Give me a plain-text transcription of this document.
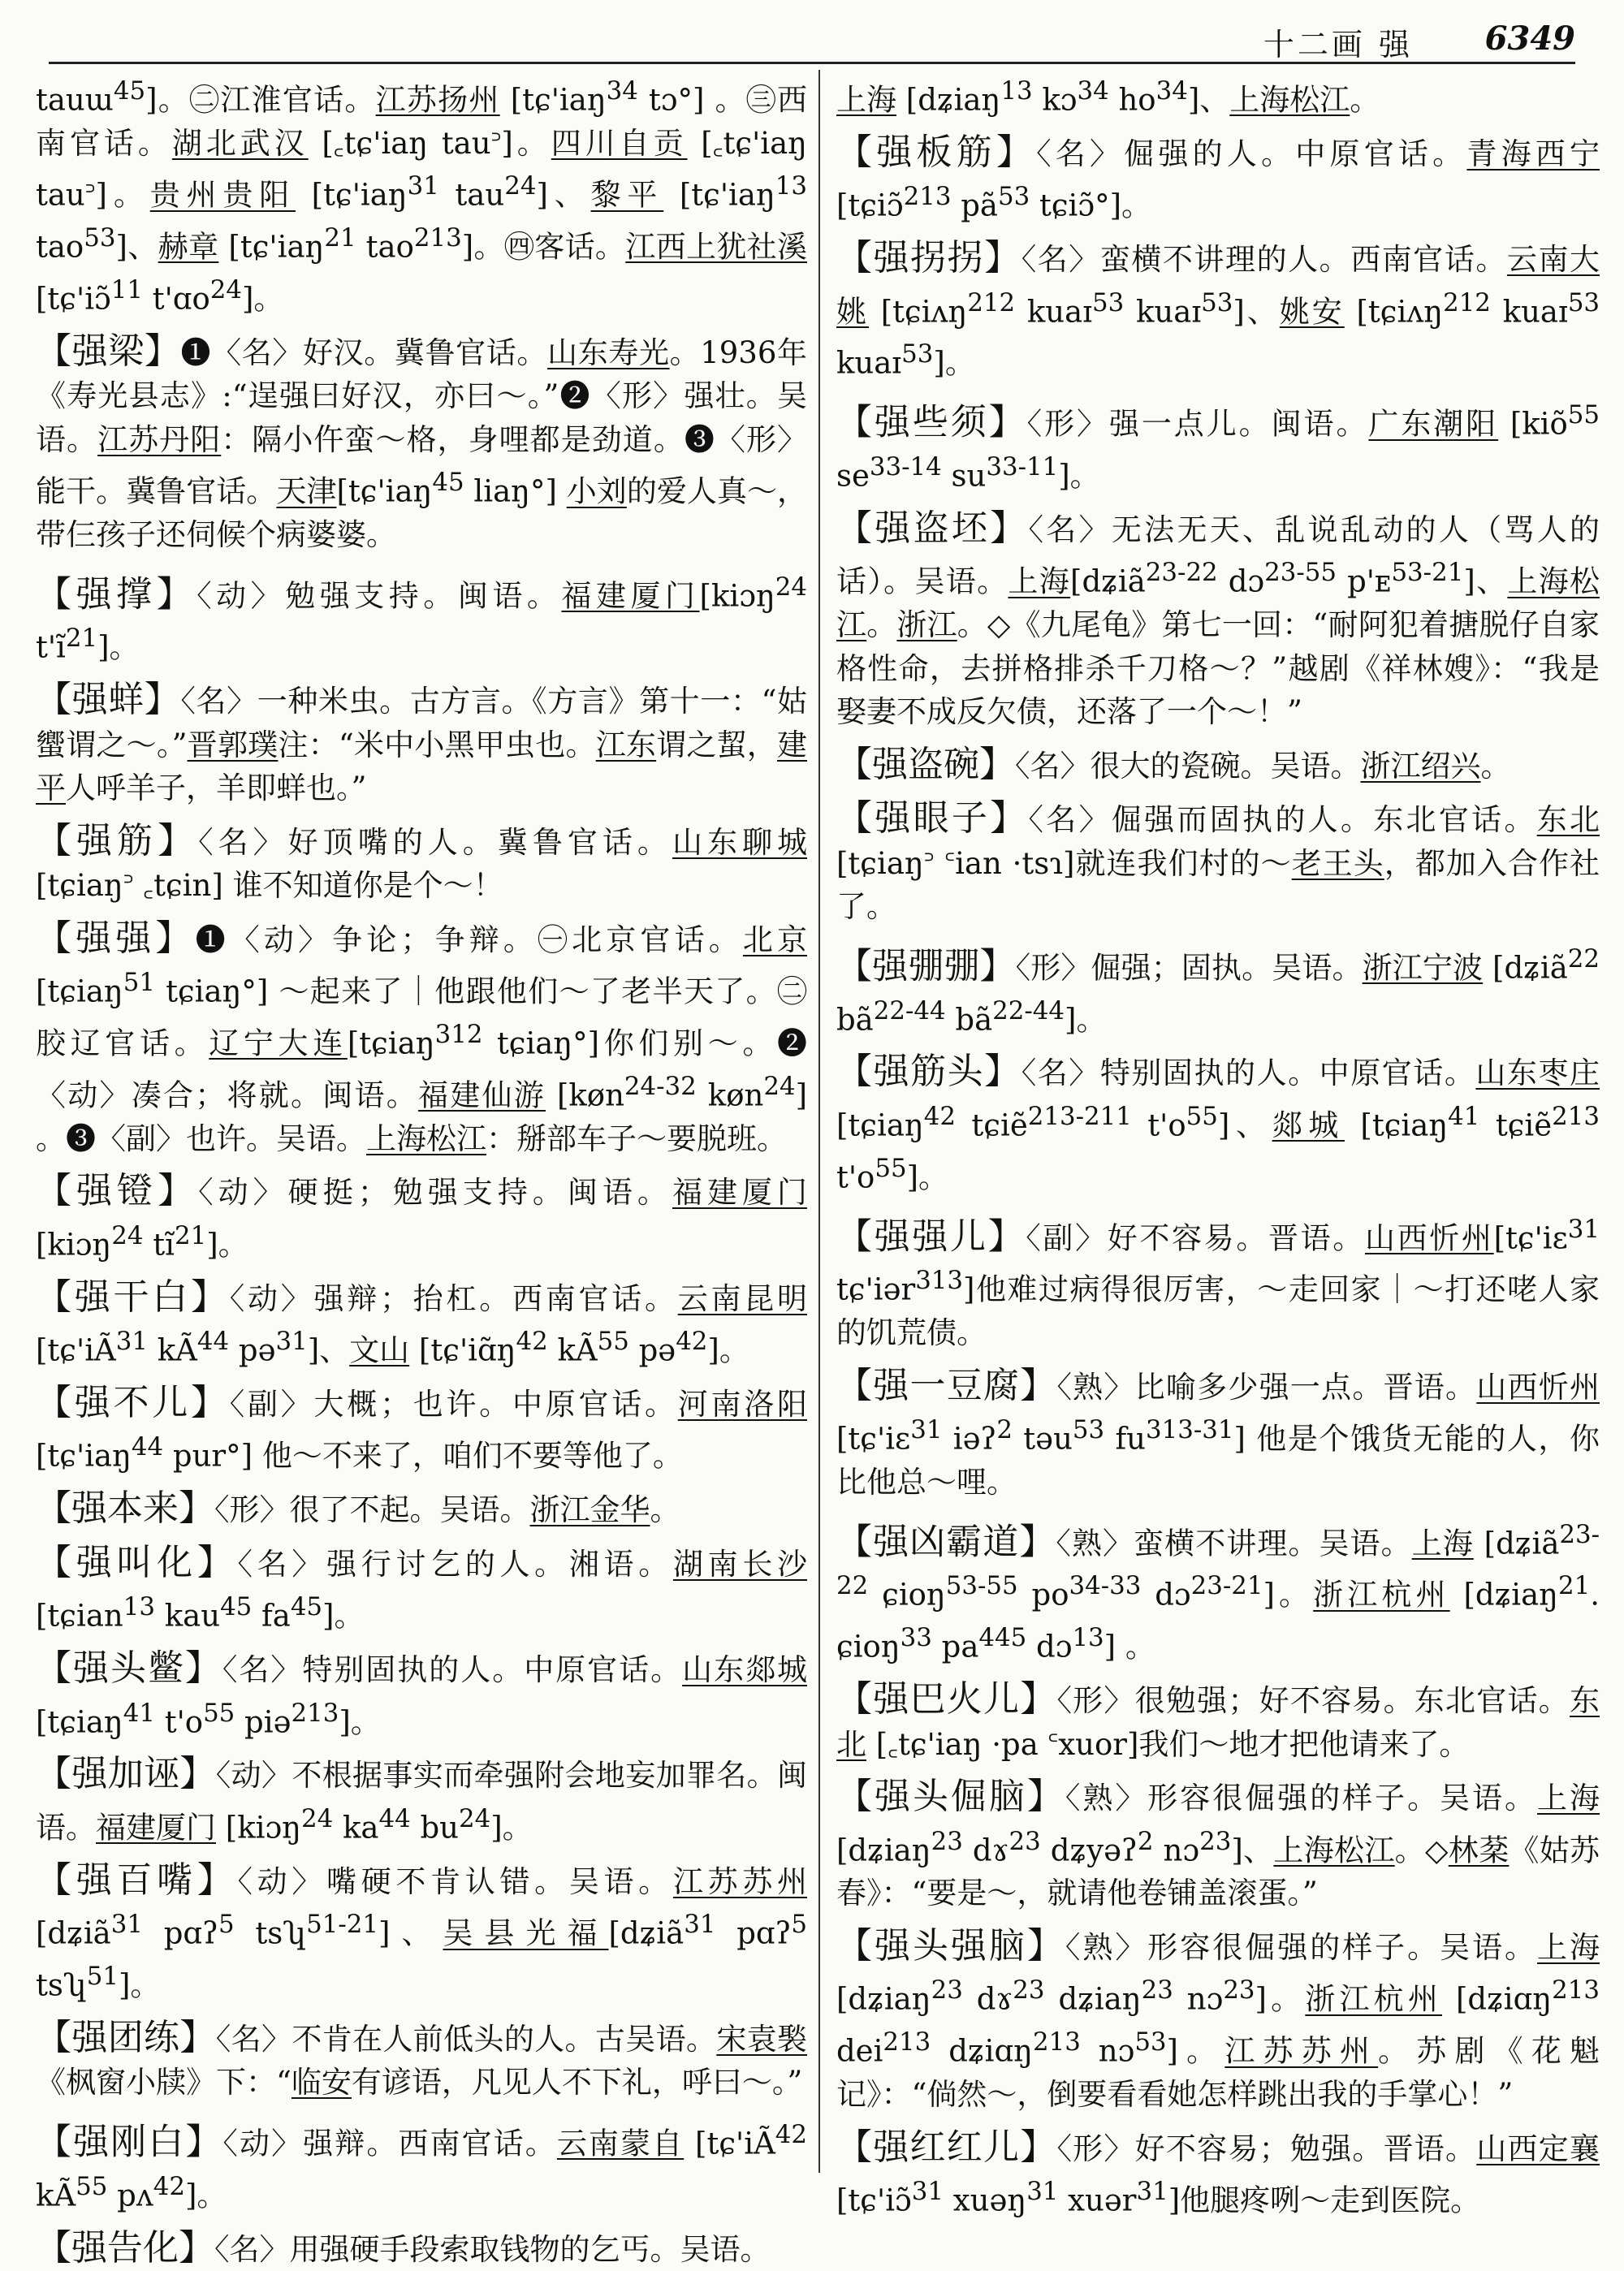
十二画 强 6349

tauɯ$^{45}$]。㊁江淮官话。江苏扬州 [tɕ'iaŋ$^{34}$ tɔ°] 。㊂西南官话。湖北武汉 [꜀tɕ'iaŋ tau꜄]。四川自贡 [꜀tɕ'iaŋ tau꜄]。贵州贵阳 [tɕ'iaŋ$^{31}$ tau$^{24}$]、黎平 [tɕ'iaŋ$^{13}$ tao$^{53}$]、赫章 [tɕ'iaŋ$^{21}$ tao$^{213}$]。㊃客话。江西上犹社溪[tɕ'iɔ̃$^{11}$ t'ɑo$^{24}$]。

【强梁】❶〈名〉好汉。冀鲁官话。山东寿光。1936年《寿光县志》:“逞强曰好汉，亦曰～。”❷〈形〉强壮。吴语。江苏丹阳：隔小仵蛮～格，身哩都是劲道。❸〈形〉能干。冀鲁官话。天津[tɕ'iaŋ$^{45}$ liaŋ°] 小刘的爱人真～，带仨孩子还伺候个病婆婆。

【强撑】〈动〉勉强支持。闽语。福建厦门[kiɔŋ$^{24}$ $t'ĩ^{21}$]。

【强蛘】〈名〉一种米虫。古方言。《方言》第十一：“姑蠁谓之～。”晋郭璞注：“米中小黑甲虫也。江东谓之蛪，建平人呼羊子，羊即蛘也。”

【强筋】〈名〉好顶嘴的人。冀鲁官话。山东聊城 [tɕiaŋ꜄ ꜀tɕin] 谁不知道你是个～！

【强强】❶〈动〉争论；争辩。㊀北京官话。北京 [tɕiaŋ$^{51}$ tɕiaŋ°] ～起来了｜他跟他们～了老半天了。㊁胶辽官话。辽宁大连[tɕiaŋ$^{312}$ tɕiaŋ°]你们别～。❷〈动〉凑合；将就。闽语。福建仙游 [køn$^{24-32}$ køn$^{24}$] 。❸〈副〉也许。吴语。上海松江：掰部车子～要脱班。

【强镫】〈动〉硬挺；勉强支持。闽语。福建厦门 [kiɔŋ$^{24}$ $tĩ^{21}$]。

【强干白】〈动〉强辩；抬杠。西南官话。云南昆明 [$tɕ'iÃ^{31}$ $kÃ^{44}$ pə$^{31}$]、文山 [$tɕ'iɑ̃ŋ^{42}$ $kÃ^{55}$ pə$^{42}$]。

【强不儿】〈副〉大概；也许。中原官话。河南洛阳 [tɕ'iaŋ$^{44}$ pur°] 他～不来了，咱们不要等他了。

【强本来】〈形〉很了不起。吴语。浙江金华。

【强叫化】〈名〉强行讨乞的人。湘语。湖南长沙[tɕian$^{13}$ kau$^{45}$ $fa^{45}$]。

【强头鳖】〈名〉特别固执的人。中原官话。山东郯城 [tɕiaŋ$^{41}$ $t'o^{55}$ piə$^{213}$]。

【强加诬】〈动〉不根据事实而牵强附会地妄加罪名。闽语。福建厦门 [kiɔŋ$^{24}$ $ka^{44}$ $bu^{24}$]。

【强百嘴】〈动〉嘴硬不肯认错。吴语。江苏苏州[dʑiã$^{31}$ pɑʔ$^5$ tsʮ$^{51-21}$]、吴县光福[dʑiã$^{31}$ pɑʔ$^5$ tsʮ$^{51}$]。

【强团练】〈名〉不肯在人前低头的人。古吴语。宋袁褧《枫窗小牍》下：“临安有谚语，凡见人不下礼，呼曰～。”

【强刚白】〈动〉强辩。西南官话。云南蒙自 [$tɕ'iÃ^{42}$ $kÃ^{55}$ pʌ$^{42}$]。

【强告化】〈名〉用强硬手段索取钱物的乞丐。吴语。

上海 [dʑiaŋ$^{13}$ kɔ$^{34}$ $ho^{34}$]、上海松江。

【强板筋】〈名〉倔强的人。中原官话。青海西宁[tɕiɔ̃$^{213}$ $pã^{53}$ tɕiɔ̃°]。

【强拐拐】〈名〉蛮横不讲理的人。西南官话。云南大姚 [tɕiʌŋ$^{212}$ kuaɪ$^{53}$ kuaɪ$^{53}$]、姚安 [tɕiʌŋ$^{212}$ kuaɪ$^{53}$ kuaɪ$^{53}$]。

【强些须】〈形〉强一点儿。闽语。广东潮阳 [kiõ$^{55}$ $se^{33-14}$ $su^{33-11}$]。

【强盗坯】〈名〉无法无天、乱说乱动的人（骂人的话）。吴语。上海[dʑiã$^{23-22}$ dɔ$^{23-55}$ p'ᴇ$^{53-21}$]、上海松江。浙江。◇《九尾龟》第七一回：“耐阿犯着搪脱仔自家格性命，去拼格排杀千刀格～？”越剧《祥林嫂》：“我是娶妻不成反欠债，还落了一个～！”

【强盗碗】〈名〉很大的瓷碗。吴语。浙江绍兴。

【强眼子】〈名〉倔强而固执的人。东北官话。东北 [tɕiaŋ꜄ ꜂ian ·tsɿ]就连我们村的～老王头，都加入合作社了。

【强弸弸】〈形〉倔强；固执。吴语。浙江宁波 [dʑiã$^{22}$ $bã^{22-44}$ $bã^{22-44}$]。

【强筋头】〈名〉特别固执的人。中原官话。山东枣庄 [tɕiaŋ$^{42}$ tɕiẽ$^{213-211}$ $t'o^{55}$]、郯城 [tɕiaŋ$^{41}$ tɕiẽ$^{213}$ $t'o^{55}$]。

【强强儿】〈副〉好不容易。晋语。山西忻州[tɕ'iɛ$^{31}$ tɕ'iər$^{313}$]他难过病得很厉害，～走回家｜～打还咾人家的饥荒债。

【强一豆腐】〈熟〉比喻多少强一点。晋语。山西忻州 [tɕ'iɛ$^{31}$ iəʔ$^2$ təu$^{53}$ $fu^{313-31}$] 他是个饿货无能的人，你比他总～哩。

【强凶霸道】〈熟〉蛮横不讲理。吴语。上海 [dʑiã$^{23-22}$ ɕioŋ$^{53-55}$ $po^{34-33}$ dɔ$^{23-21}$]。浙江杭州 [dʑiaŋ$^{21}$. ɕioŋ$^{33}$ $pa^{445}$ dɔ$^{13}$] 。

【强巴火儿】〈形〉很勉强；好不容易。东北官话。东北 [꜀tɕ'iaŋ ·pa ꜂xuor]我们～地才把他请来了。

【强头倔脑】〈熟〉形容很倔强的样子。吴语。上海 [dʑiaŋ$^{23}$ dɤ$^{23}$ dʑyəʔ$^2$ nɔ$^{23}$]、上海松江。◇林棻《姑苏春》：“要是～，就请他卷铺盖滚蛋。”

【强头强脑】〈熟〉形容很倔强的样子。吴语。上海 [dʑiaŋ$^{23}$ dɤ$^{23}$ dʑiaŋ$^{23}$ nɔ$^{23}$]。浙江杭州 [dʑiɑŋ$^{213}$ dei$^{213}$ dʑiɑŋ$^{213}$ nɔ$^{53}$]。江苏苏州。苏剧《花魁记》：“倘然～，倒要看看她怎样跳出我的手掌心！”

【强红红儿】〈形〉好不容易；勉强。晋语。山西定襄 [tɕ'iɔ̃$^{31}$ xuəŋ$^{31}$ xuər$^{31}$]他腿疼咧～走到医院。
